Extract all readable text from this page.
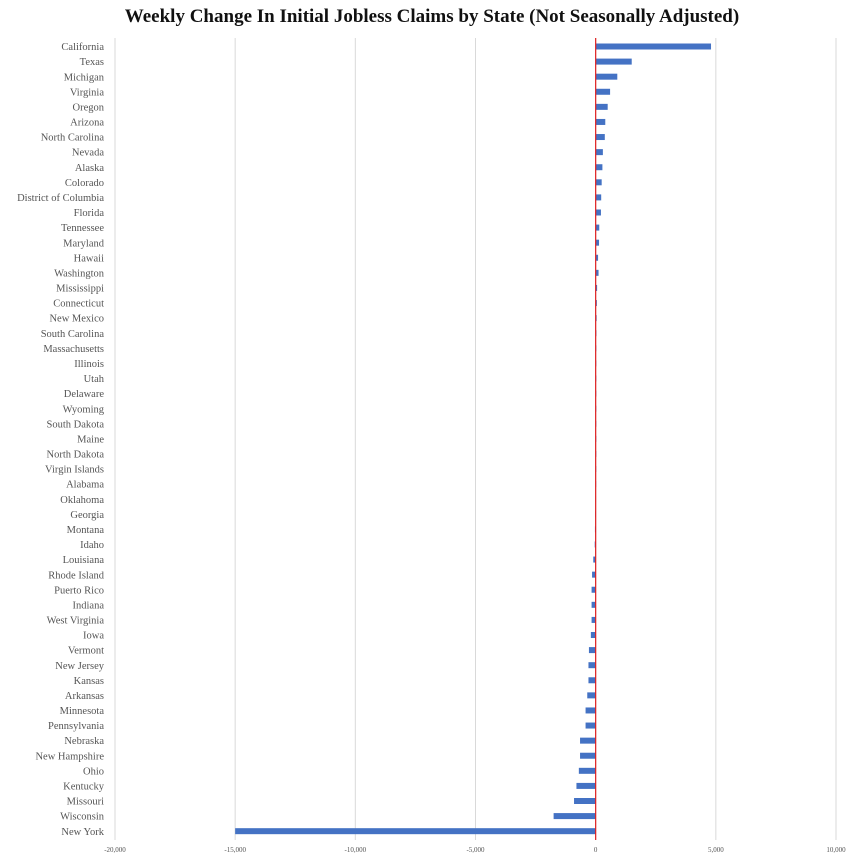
Weekly Change In Initial Jobless Claims by State (Not Seasonally Adjusted)
California
Texas
Michigan
Virginia
Oregon
Arizona
North Carolina
Nevada
Alaska
Colorado
District of Columbia
Florida
Tennessee
Maryland
Hawaii
Washington
Mississippi
Connecticut
New Mexico
South Carolina
Massachusetts
Illinois
Utah
Delaware
Wyoming
South Dakota
Maine
North Dakota
Virgin Islands
Alabama
Oklahoma
Georgia
Montana
Idaho
Louisiana
Rhode Island
Puerto Rico
Indiana
West Virginia
Iowa
Vermont
New Jersey
Kansas
Arkansas
Minnesota
Pennsylvania
Nebraska
New Hampshire
Ohio
Kentucky
Missouri
Wisconsin
New York
-20,000	-15,000	-10,000	-5,000	0	5,000	10,000
